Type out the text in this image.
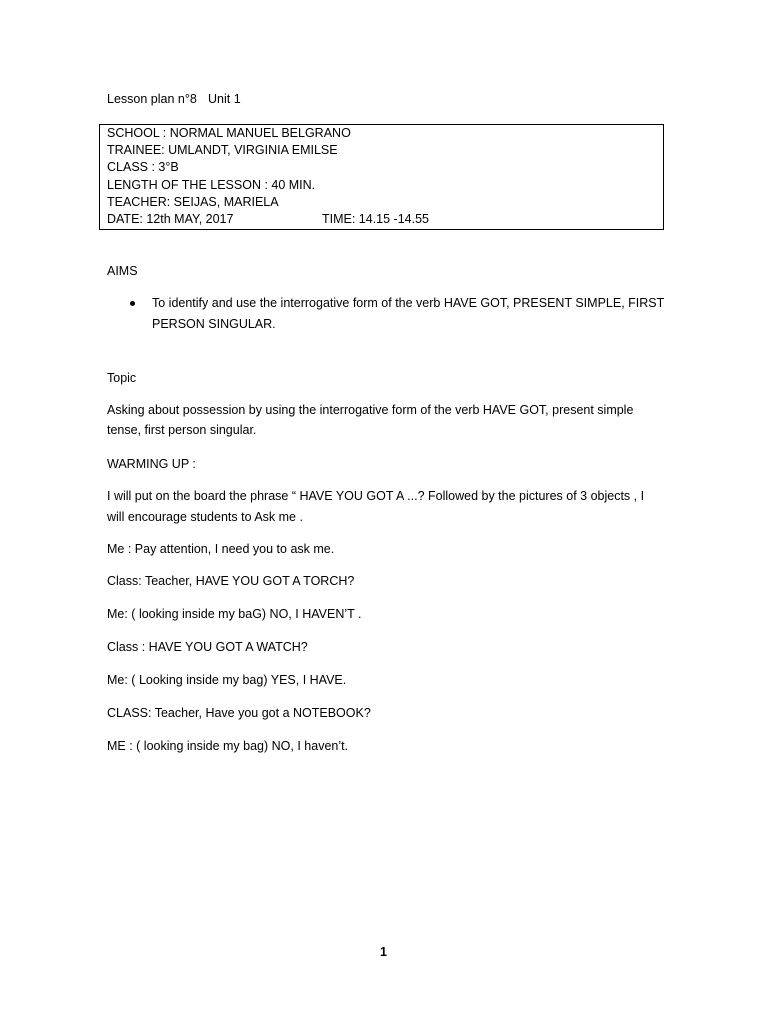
Lesson plan n°8 Unit 1
SCHOOL : NORMAL MANUEL BELGRANO
TRAINEE: UMLANDT, VIRGINIA EMILSE
CLASS : 3°B
LENGTH OF THE LESSON : 40 MIN.
TEACHER: SEIJAS, MARIELA
DATE: 12th MAY, 2017	TIME: 14.15 -14.55
AIMS
To identify and use the interrogative form of the verb HAVE GOT, PRESENT SIMPLE, FIRST
PERSON SINGULAR.
Topic
Asking about possession by using the interrogative form of the verb HAVE GOT, present simple
tense, first person singular.
WARMING UP :
I will put on the board the phrase “ HAVE YOU GOT A ...? Followed by the pictures of 3 objects , I
will encourage students to Ask me .
Me : Pay attention, I need you to ask me.
Class: Teacher, HAVE YOU GOT A TORCH?
Me: ( looking inside my baG) NO, I HAVEN’T .
Class : HAVE YOU GOT A WATCH?
Me: ( Looking inside my bag) YES, I HAVE.
CLASS: Teacher, Have you got a NOTEBOOK?
ME : ( looking inside my bag) NO, I haven’t.
1
